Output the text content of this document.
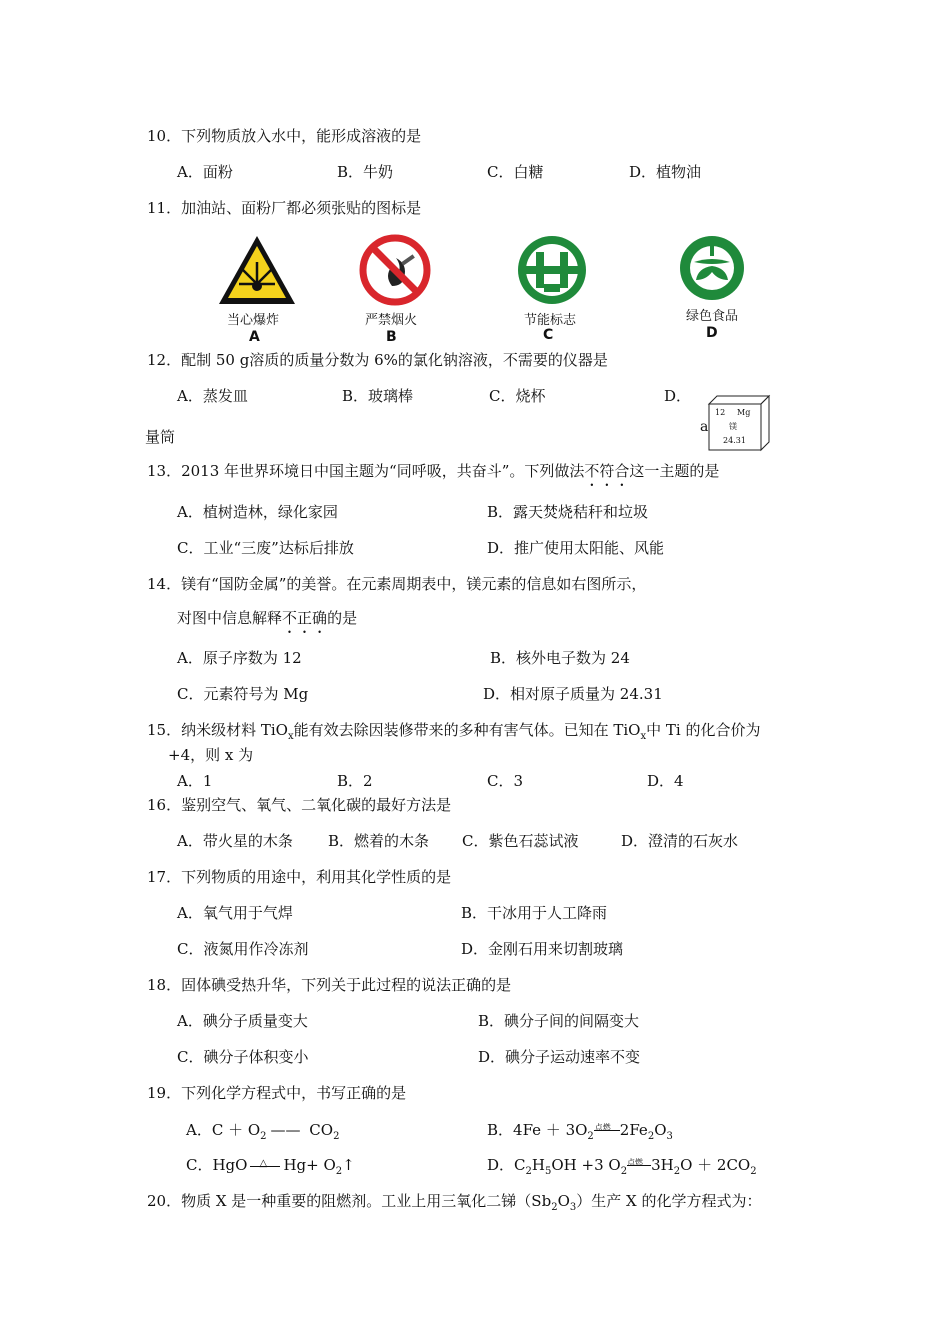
10．下列物质放入水中，能形成溶液的是
A．面粉	B．牛奶	C．白糖	D．植物油
11．加油站、面粉厂都必须张贴的图标是
当心爆炸
A
严禁烟火
B
节能标志
C
绿色食品
D
12．配制 50 g溶质的质量分数为 6%的氯化钠溶液，不需要的仪器是
A．蒸发皿	B．玻璃棒	C．烧杯	D．
量筒
a
12 Mg
镁
24.31
13．2013 年世界环境日中国主题为“同呼吸，共奋斗”。下列做法不符合这一主题的是
A．植树造林，绿化家园	B．露天焚烧秸秆和垃圾
C．工业“三废”达标后排放	D．推广使用太阳能、风能
14．镁有“国防金属”的美誉。在元素周期表中，镁元素的信息如右图所示，
对图中信息解释不正确的是
A．原子序数为 12	B．核外电子数为 24
C．元素符号为 Mg	D．相对原子质量为 24.31
15．纳米级材料 TiO$_x$能有效去除因装修带来的多种有害气体。已知在 TiO$_x$中 Ti 的化合价为
+4，则 x 为
A．1	B．2	C．3	D．4
16．鉴别空气、氧气、二氧化碳的最好方法是
A．带火星的木条 B．燃着的木条 C．紫色石蕊试液	D．澄清的石灰水
17．下列物质的用途中，利用其化学性质的是
A．氧气用于气焊	B．干冰用于人工降雨
C．液氮用作冷冻剂	D．金刚石用来切割玻璃
18．固体碘受热升华，下列关于此过程的说法正确的是
A．碘分子质量变大	B．碘分子间的间隔变大
C．碘分子体积变小	D．碘分子运动速率不变
19．下列化学方程式中，书写正确的是
A．$C + O_2$ —— $CO_2$	B．$4Fe + 3O_2$
点燃 $2Fe_2O_3$
C．HgO △ $Hg+ O_2↑$	D．$C_2H_5OH +3$ $O_2$
点燃 $3H_2O + 2CO_2$
20．物质 X 是一种重要的阻燃剂。工业上用三氧化二锑$(Sb_2O_3)$生产 X 的化学方程式为：
